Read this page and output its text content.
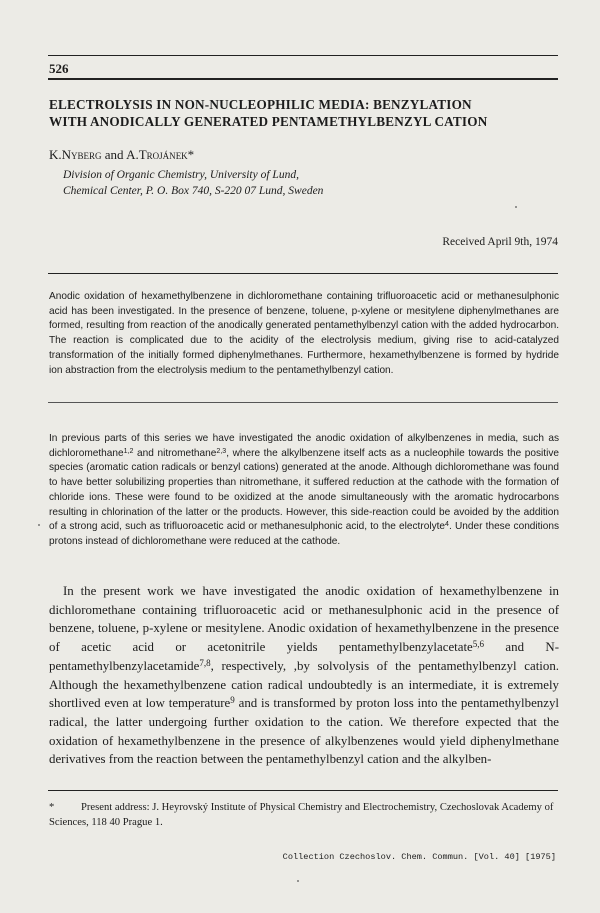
526
ELECTROLYSIS IN NON-NUCLEOPHILIC MEDIA: BENZYLATION
WITH ANODICALLY GENERATED PENTAMETHYLBENZYL CATION
K.Nyberg and A.Trojánek*
Division of Organic Chemistry, University of Lund,
Chemical Center, P. O. Box 740, S-220 07 Lund, Sweden
Received April 9th, 1974

Anodic oxidation of hexamethylbenzene in dichloromethane containing trifluoroacetic acid or methanesulphonic acid has been investigated. In the presence of benzene, toluene, p-xylene or mesitylene diphenylmethanes are formed, resulting from reaction of the anodically generated pentamethylbenzyl cation with the added hydrocarbon. The reaction is complicated due to the acidity of the electrolysis medium, giving rise to acid-catalyzed transformation of the initially formed diphenylmethanes. Furthermore, hexamethylbenzene is formed by hydride ion abstraction from the electrolysis medium to the pentamethylbenzyl cation.

In previous parts of this series we have investigated the anodic oxidation of alkylbenzenes in media, such as dichloromethane$^{1,2}$ and nitromethane$^{2,3}$, where the alkylbenzene itself acts as a nucleophile towards the positive species (aromatic cation radicals or benzyl cations) generated at the anode. Although dichloromethane was found to have better solubilizing properties than nitromethane, it suffered reduction at the cathode with the formation of chloride ions. These were found to be oxidized at the anode simultaneously with the aromatic hydrocarbons resulting in chlorination of the latter or the products. However, this side-reaction could be avoided by the addition of a strong acid, such as trifluoroacetic acid or methanesulphonic acid, to the electrolyte$^4$. Under these conditions protons instead of dichloromethane were reduced at the cathode.

In the present work we have investigated the anodic oxidation of hexamethylbenzene in dichloromethane containing trifluoroacetic acid or methanesulphonic acid in the presence of benzene, toluene, p-xylene or mesitylene. Anodic oxidation of hexamethylbenzene in the presence of acetic acid or acetonitrile yields pentamethylbenzylacetate$^{5,6}$ and N-pentamethylbenzylacetamide$^{7,8}$, respectively, ,by solvolysis of the pentamethylbenzyl cation. Although the hexamethylbenzene cation radical undoubtedly is an intermediate, it is extremely shortlived even at low temperature$^9$ and is transformed by proton loss into the pentamethylbenzyl radical, the latter undergoing further oxidation to the cation. We therefore expected that the oxidation of hexamethylbenzene in the presence of alkylbenzenes would yield diphenylmethane derivatives from the reaction between the pentamethylbenzyl cation and the alkylben-

*	Present address: J. Heyrovský Institute of Physical Chemistry and Electrochemistry, Czechoslovak Academy of Sciences, 118 40 Prague 1.

Collection Czechoslov. Chem. Commun. [Vol. 40] [1975]
